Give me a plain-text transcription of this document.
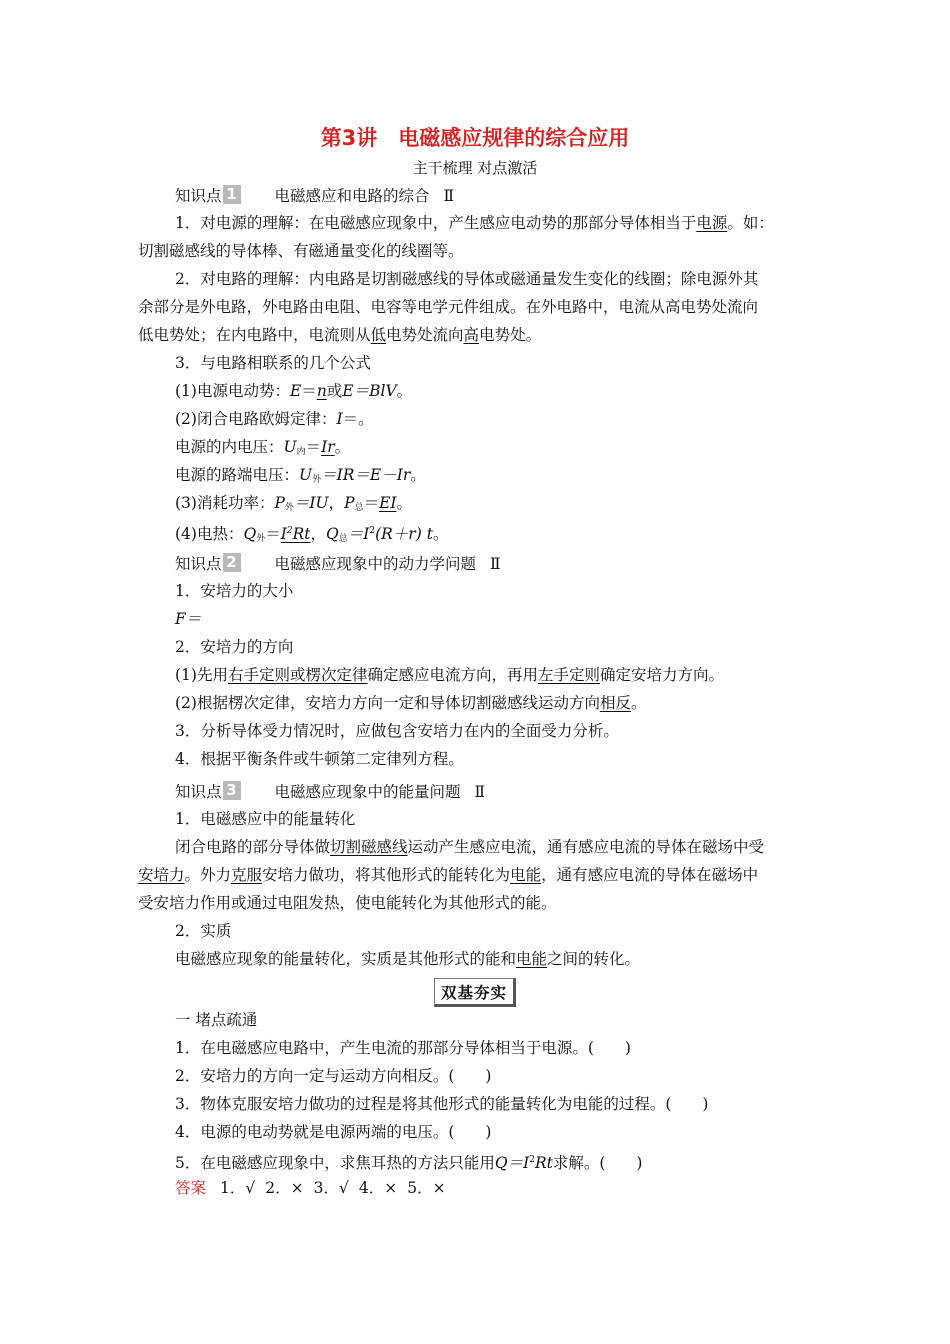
第3讲　电磁感应规律的综合应用
主干梳理 对点激活
知识点 1 电磁感应和电路的综合 Ⅱ
1．对电源的理解：在电磁感应现象中，产生感应电动势的那部分导体相当于电源。如：
切割磁感线的导体棒、有磁通量变化的线圈等。
2．对电路的理解：内电路是切割磁感线的导体或磁通量发生变化的线圈；除电源外其
余部分是外电路，外电路由电阻、电容等电学元件组成。在外电路中，电流从高电势处流向
低电势处；在内电路中，电流则从低电势处流向高电势处。
3．与电路相联系的几个公式
(1)电源电动势：E＝n或E＝BlV。
(2)闭合电路欧姆定律：I＝。
电源的内电压：$U_内=Ir$。
电源的路端电压：$U_外=IR=E-Ir$。
(3)消耗功率：$P_外=IU$，$P_总=EI$。
(4)电热：$Q_外=I^2Rt$，$Q_总=I^2(R+r)$ t。
知识点 2 电磁感应现象中的动力学问题 Ⅱ
1．安培力的大小
F＝
2．安培力的方向
(1)先用右手定则或楞次定律确定感应电流方向，再用左手定则确定安培力方向。
(2)根据楞次定律，安培力方向一定和导体切割磁感线运动方向相反。
3．分析导体受力情况时，应做包含安培力在内的全面受力分析。
4．根据平衡条件或牛顿第二定律列方程。
知识点 3 电磁感应现象中的能量问题 Ⅱ
1．电磁感应中的能量转化
闭合电路的部分导体做切割磁感线运动产生感应电流，通有感应电流的导体在磁场中受
安培力。外力克服安培力做功，将其他形式的能转化为电能，通有感应电流的导体在磁场中
受安培力作用或通过电阻发热，使电能转化为其他形式的能。
2．实质
电磁感应现象的能量转化，实质是其他形式的能和电能之间的转化。
双基夯实
一 堵点疏通
1．在电磁感应电路中，产生电流的那部分导体相当于电源。(　　)
2．安培力的方向一定与运动方向相反。(　　)
3．物体克服安培力做功的过程是将其他形式的能量转化为电能的过程。(　　)
4．电源的电动势就是电源两端的电压。(　　)
5．在电磁感应现象中，求焦耳热的方法只能用$Q=I^2Rt$求解。(　　)
答案 1．√ 2．× 3．√ 4．× 5．×
